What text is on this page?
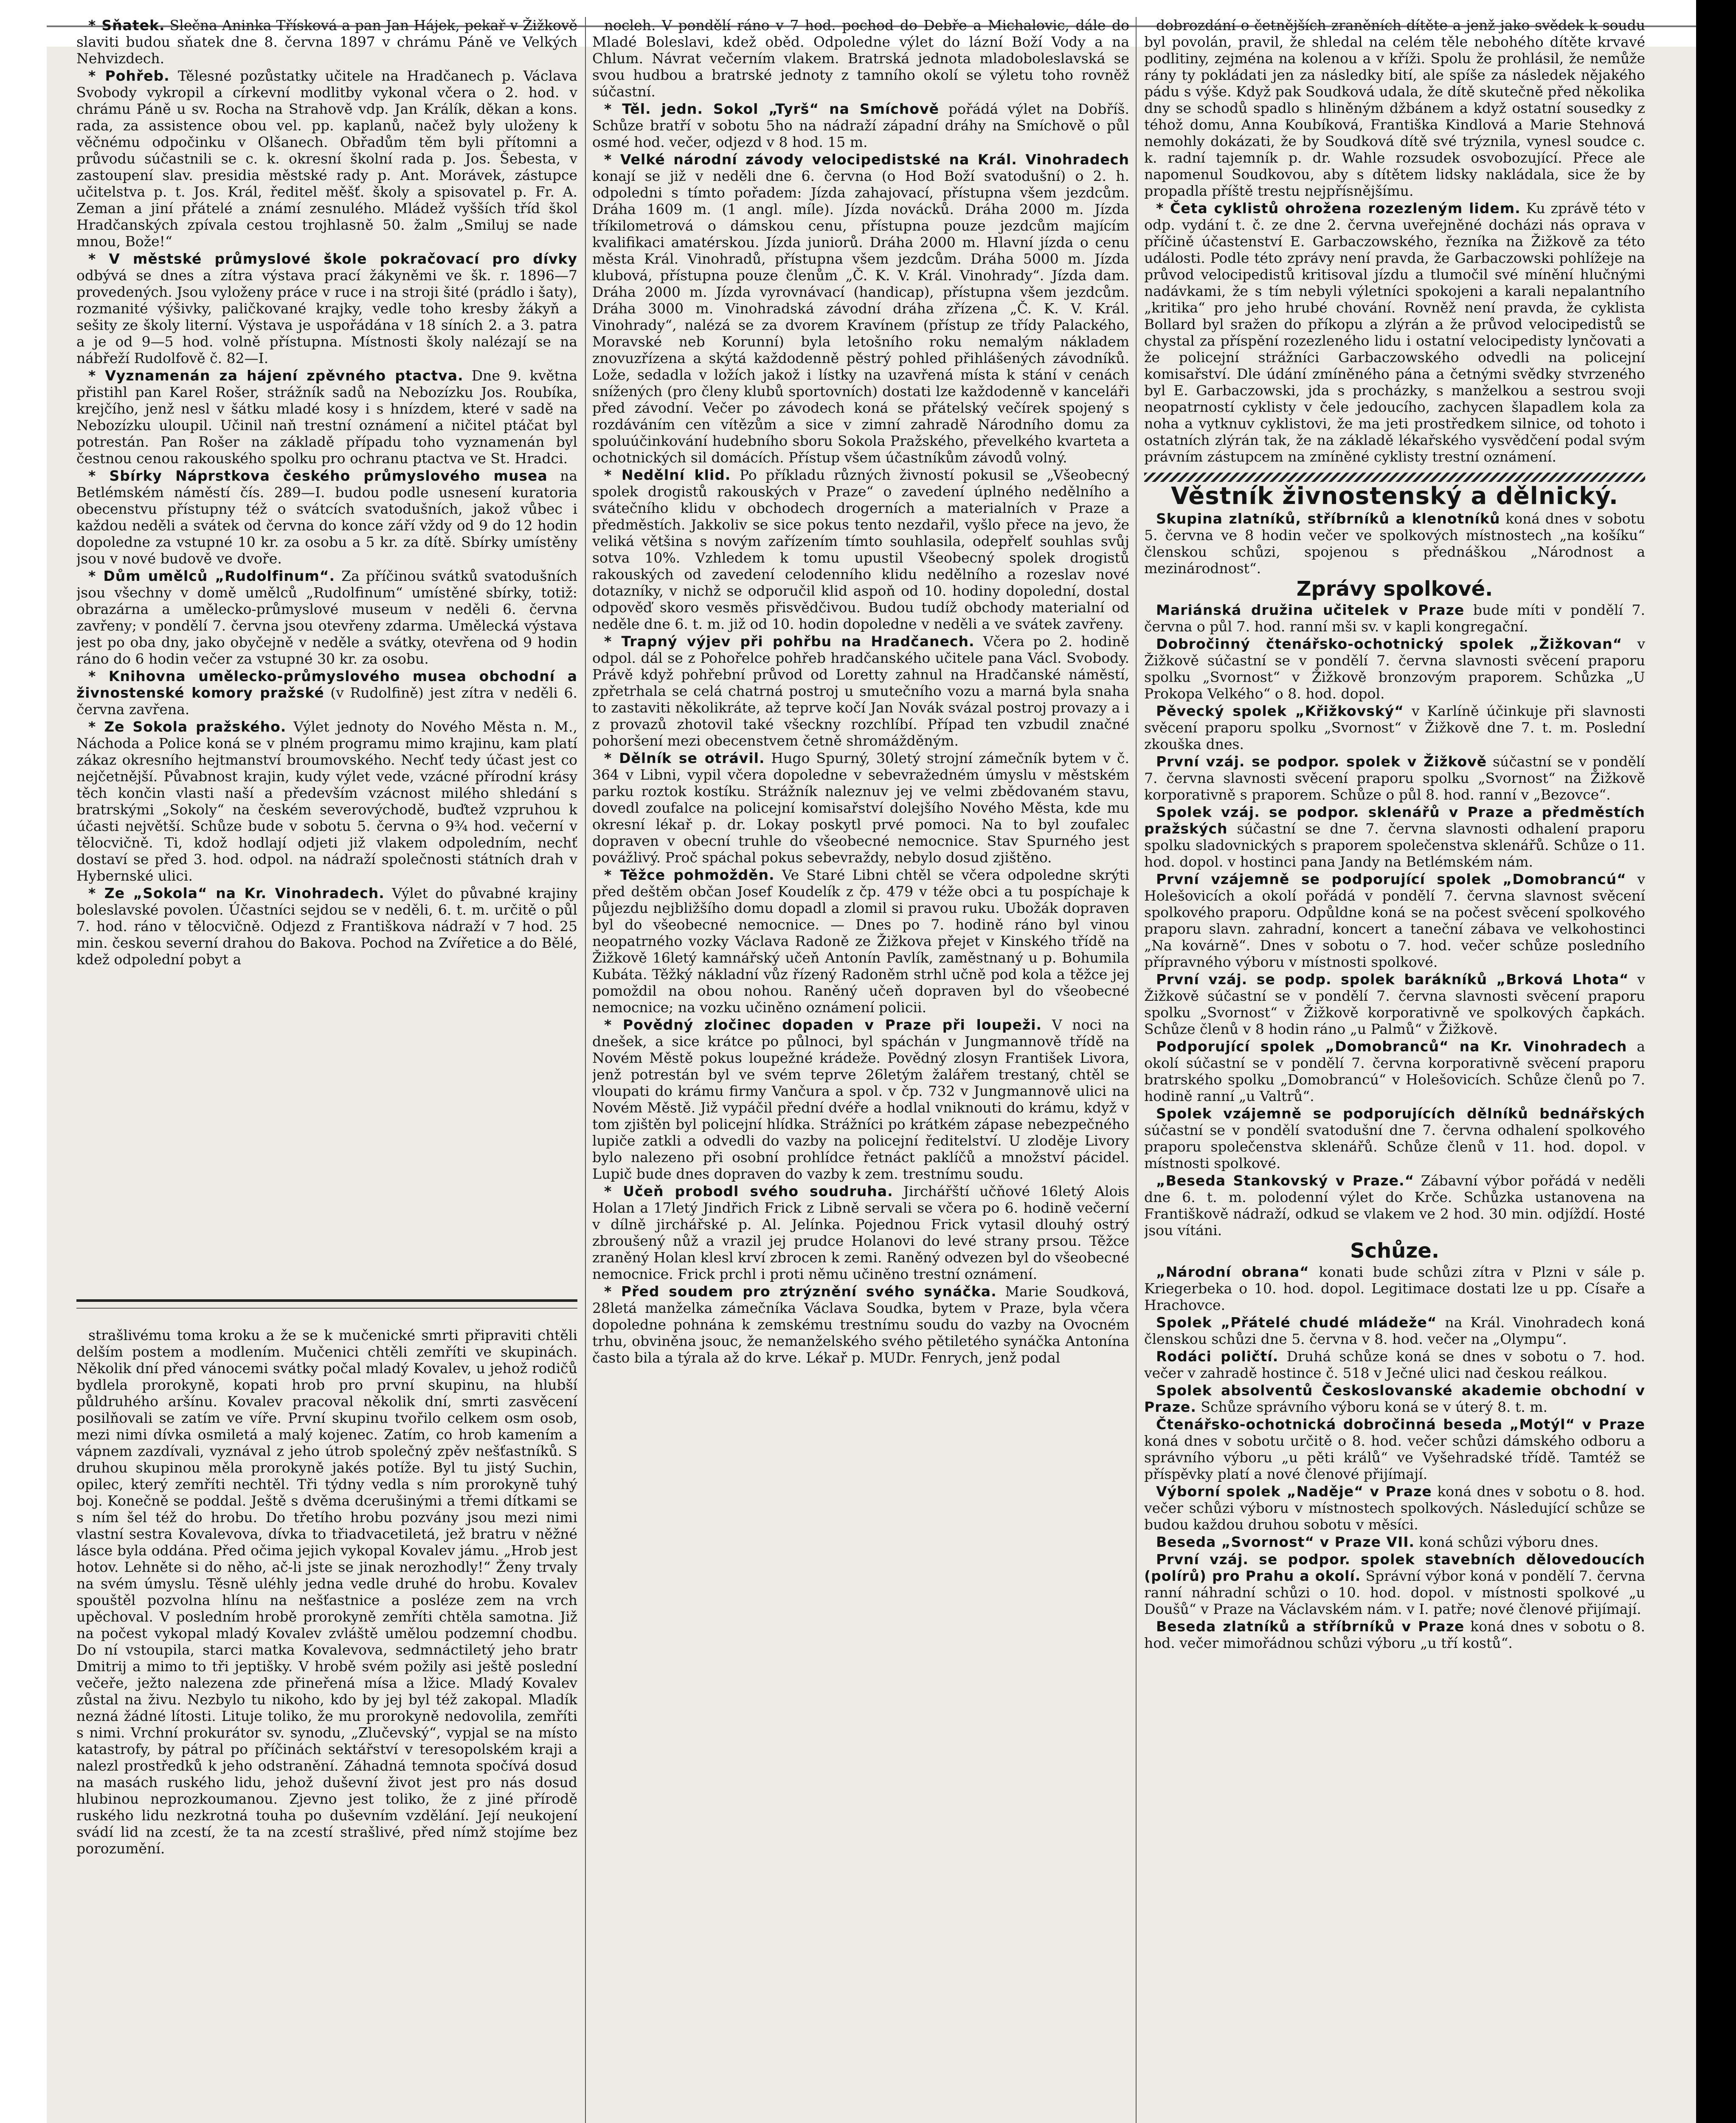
* Sňatek. Slečna Aninka Třísková a pan Jan Hájek, pekař v Žižkově slaviti budou sňatek dne 8. června 1897 v chrámu Páně ve Velkých Nehvizdech.

* Pohřeb. Tělesné pozůstatky učitele na Hradčanech p. Václava Svobody vykropil a církevní modlitby vykonal včera o 2. hod. v chrámu Páně u sv. Rocha na Strahově vdp. Jan Králík, děkan a kons. rada, za assistence obou vel. pp. kaplanů, načež byly uloženy k věčnému odpočinku v Olšanech. Obřadům těm byli přítomni a průvodu súčastnili se c. k. okresní školní rada p. Jos. Šebesta, v zastoupení slav. presidia městské rady p. Ant. Morávek, zástupce učitelstva p. t. Jos. Král, ředitel měšť. školy a spisovatel p. Fr. A. Zeman a jiní přátelé a známí zesnulého. Mládež vyšších tříd škol Hradčanských zpívala cestou trojhlasně 50. žalm „Smiluj se nade mnou, Bože!“

* V městské průmyslové škole pokračovací pro dívky odbývá se dnes a zítra výstava prací žákyněmi ve šk. r. 1896—7 provedených. Jsou vyloženy práce v ruce i na stroji šité (prádlo i šaty), rozmanité výšivky, paličkované krajky, vedle toho kresby žákyň a sešity ze školy literní. Výstava je uspořádána v 18 síních 2. a 3. patra a je od 9—5 hod. volně přístupna. Místnosti školy nalézají se na nábřeží Rudolfově č. 82—I.

* Vyznamenán za hájení zpěvného ptactva. Dne 9. května přistihl pan Karel Rošer, strážník sadů na Nebozízku Jos. Roubíka, krejčího, jenž nesl v šátku mladé kosy i s hnízdem, které v sadě na Nebozízku uloupil. Učinil naň trestní oznámení a ničitel ptáčat byl potrestán. Pan Rošer na základě případu toho vyznamenán byl čestnou cenou rakouského spolku pro ochranu ptactva ve St. Hradci.

* Sbírky Náprstkova českého průmyslového musea na Betlémském náměstí čís. 289—I. budou podle usnesení kuratoria obecenstvu přístupny též o svátcích svatodušních, jakož vůbec i každou neděli a svátek od června do konce září vždy od 9 do 12 hodin dopoledne za vstupné 10 kr. za osobu a 5 kr. za dítě. Sbírky umístěny jsou v nové budově ve dvoře.

* Dům umělců „Rudolfinum“. Za příčinou svátků svatodušních jsou všechny v domě umělců „Rudolfinum“ umístěné sbírky, totiž: obrazárna a umělecko-průmyslové museum v neděli 6. června zavřeny; v pondělí 7. června jsou otevřeny zdarma. Umělecká výstava jest po oba dny, jako obyčejně v neděle a svátky, otevřena od 9 hodin ráno do 6 hodin večer za vstupné 30 kr. za osobu.

* Knihovna umělecko-průmyslového musea obchodní a živnostenské komory pražské (v Rudolfině) jest zítra v neděli 6. června zavřena.

* Ze Sokola pražského. Výlet jednoty do Nového Města n. M., Náchoda a Police koná se v plném programu mimo krajinu, kam platí zákaz okresního hejtmanství broumovského. Nechť tedy účast jest co nejčetnější. Půvabnost krajin, kudy výlet vede, vzácné přírodní krásy těch končin vlasti naší a především vzácnost milého shledání s bratrskými „Sokoly“ na českém severovýchodě, buďtež vzpruhou k účasti největší. Schůze bude v sobotu 5. června o 9¾ hod. večerní v tělocvičně. Ti, kdož hodlají odjeti již vlakem odpoledním, nechť dostaví se před 3. hod. odpol. na nádraží společnosti státních drah v Hybernské ulici.

* Ze „Sokola“ na Kr. Vinohradech. Výlet do půvabné krajiny boleslavské povolen. Účastníci sejdou se v neděli, 6. t. m. určitě o půl 7. hod. ráno v tělocvičně. Odjezd z Františkova nádraží v 7 hod. 25 min. českou severní drahou do Bakova. Pochod na Zvířetice a do Bělé, kdež odpolední pobyt a

strašlivému toma kroku a že se k mučenické smrti připraviti chtěli delším postem a modlením. Mučenici chtěli zemříti ve skupinách. Několik dní před vánocemi svátky počal mladý Kovalev, u jehož rodičů bydlela prorokyně, kopati hrob pro první skupinu, na hlubší půldruhého aršínu. Kovalev pracoval několik dní, smrti zasvěcení posilňovali se zatím ve víře. První skupinu tvořilo celkem osm osob, mezi nimi dívka osmiletá a malý kojenec. Zatím, co hrob kamením a vápnem zazdívali, vyznával z jeho útrob společný zpěv nešťastníků. S druhou skupinou měla prorokyně jakés potíže. Byl tu jistý Suchin, opilec, který zemříti nechtěl. Tři týdny vedla s ním prorokyně tuhý boj. Konečně se poddal. Ještě s dvěma dcerušinými a třemi dítkami se s ním šel též do hrobu. Do třetího hrobu pozvány jsou mezi nimi vlastní sestra Kovalevova, dívka to třiadvacetiletá, jež bratru v něžné lásce byla oddána. Před očima jejich vykopal Kovalev jámu. „Hrob jest hotov. Lehněte si do něho, ač-li jste se jinak nerozhodly!“ Ženy trvaly na svém úmyslu. Těsně uléhly jedna vedle druhé do hrobu. Kovalev spouštěl pozvolna hlínu na nešťastnice a posléze zem na vrch upěchoval. V posledním hrobě prorokyně zemříti chtěla samotna. Již na počest vykopal mladý Kovalev zvláště umělou podzemní chodbu. Do ní vstoupila, starci matka Kovalevova, sedmnáctiletý jeho bratr Dmitrij a mimo to tři jeptišky. V hrobě svém požily asi ještě poslední večeře, ježto nalezena zde přineřená mísa a lžice. Mladý Kovalev zůstal na živu. Nezbylo tu nikoho, kdo by jej byl též zakopal. Mladík nezná žádné lítosti. Lituje toliko, že mu prorokyně nedovolila, zemříti s nimi. Vrchní prokurátor sv. synodu, „Zlučevský“, vypjal se na místo katastrofy, by pátral po příčinách sektářství v teresopolském kraji a nalezl prostředků k jeho odstranění. Záhadná temnota spočívá dosud na masách ruského lidu, jehož duševní život jest pro nás dosud hlubinou neprozkoumanou. Zjevno jest toliko, že z jiné přírodě ruského lidu nezkrotná touha po duševním vzdělání. Její neukojení svádí lid na zcestí, že ta na zcestí strašlivé, před nímž stojíme bez porozumění.

nocleh. V pondělí ráno v 7 hod. pochod do Debře a Michalovic, dále do Mladé Boleslavi, kdež oběd. Odpoledne výlet do lázní Boží Vody a na Chlum. Návrat večerním vlakem. Bratrská jednota mladoboleslavská se svou hudbou a bratrské jednoty z tamního okolí se výletu toho rovněž súčastní.

* Těl. jedn. Sokol „Tyrš“ na Smíchově pořádá výlet na Dobříš. Schůze bratří v sobotu 5ho na nádraží západní dráhy na Smíchově o půl osmé hod. večer, odjezd v 8 hod. 15 m.

* Velké národní závody velocipedistské na Král. Vinohradech konají se již v neděli dne 6. června (o Hod Boží svatodušní) o 2. h. odpoledni s tímto pořadem: Jízda zahajovací, přístupna všem jezdcům. Dráha 1609 m. (1 angl. míle). Jízda novácků. Dráha 2000 m. Jízda tříkilometrová o dámskou cenu, přístupna pouze jezdcům majícím kvalifikaci amatérskou. Jízda juniorů. Dráha 2000 m. Hlavní jízda o cenu města Král. Vinohradů, přístupna všem jezdcům. Dráha 5000 m. Jízda klubová, přístupna pouze členům „Č. K. V. Král. Vinohrady“. Jízda dam. Dráha 2000 m. Jízda vyrovnávací (handicap), přístupna všem jezdcům. Dráha 3000 m. Vinohradská závodní dráha zřízena „Č. K. V. Král. Vinohrady“, nalézá se za dvorem Kravínem (přístup ze třídy Palackého, Moravské neb Korunní) byla letošního roku nemalým nákladem znovuzřízena a skýtá každodenně pěstrý pohled přihlášených závodníků. Lože, sedadla v ložích jakož i lístky na uzavřená místa k stání v cenách snížených (pro členy klubů sportovních) dostati lze každodenně v kanceláři před závodní. Večer po závodech koná se přátelský večírek spojený s rozdáváním cen vítězům a sice v zimní zahradě Národního domu za spoluúčinkování hudebního sboru Sokola Pražského, převelkého kvarteta a ochotnických sil domácích. Přístup všem účastníkům závodů volný.

* Nedělní klid. Po příkladu různých živností pokusil se „Všeobecný spolek drogistů rakouských v Praze“ o zavedení úplného nedělního a svátečního klidu v obchodech drogerních a materialních v Praze a předměstích. Jakkoliv se sice pokus tento nezdařil, vyšlo přece na jevo, že veliká většina s novým zařízením tímto souhlasila, odepřelť souhlas svůj sotva 10%. Vzhledem k tomu upustil Všeobecný spolek drogistů rakouských od zavedení celodenního klidu nedělního a rozeslav nové dotazníky, v nichž se odporučil klid aspoň od 10. hodiny dopolední, dostal odpověď skoro vesměs přisvědčivou. Budou tudíž obchody materialní od neděle dne 6. t. m. již od 10. hodin dopoledne v neděli a ve svátek zavřeny.

* Trapný výjev při pohřbu na Hradčanech. Včera po 2. hodině odpol. dál se z Pohořelce pohřeb hradčanského učitele pana Václ. Svobody. Právě když pohřební průvod od Loretty zahnul na Hradčanské náměstí, zpřetrhala se celá chatrná postroj u smutečního vozu a marná byla snaha to zastaviti několikráte, až teprve kočí Jan Novák svázal postroj provazy a i z provazů zhotovil také všeckny rozchlíbí. Případ ten vzbudil značné pohoršení mezi obecenstvem četně shromážděným.

* Dělník se otrávil. Hugo Spurný, 30letý strojní zámečník bytem v č. 364 v Libni, vypil včera dopoledne v sebevražedném úmyslu v městském parku roztok kostíku. Strážník naleznuv jej ve velmi zbědovaném stavu, dovedl zoufalce na policejní komisařství dolejšího Nového Města, kde mu okresní lékař p. dr. Lokay poskytl prvé pomoci. Na to byl zoufalec dopraven v obecní truhle do všeobecné nemocnice. Stav Spurného jest povážlivý. Proč spáchal pokus sebevraždy, nebylo dosud zjištěno.

* Těžce pohmožděn. Ve Staré Libni chtěl se včera odpoledne skrýti před deštěm občan Josef Koudelík z čp. 479 v téže obci a tu pospíchaje k půjezdu nejbližšího domu dopadl a zlomil si pravou ruku. Ubožák dopraven byl do všeobecné nemocnice. — Dnes po 7. hodině ráno byl vinou neopatrného vozky Václava Radoně ze Žižkova přejet v Kinského třídě na Žižkově 16letý kamnářský učeň Antonín Pavlík, zaměstnaný u p. Bohumila Kubáta. Těžký nákladní vůz řízený Radoněm strhl učně pod kola a těžce jej pomoždil na obou nohou. Raněný učeň dopraven byl do všeobecné nemocnice; na vozku učiněno oznámení policii.

* Povědný zločinec dopaden v Praze při loupeži. V noci na dnešek, a sice krátce po půlnoci, byl spáchán v Jungmannově třídě na Novém Městě pokus loupežné krádeže. Povědný zlosyn František Livora, jenž potrestán byl ve svém teprve 26letým žalářem trestaný, chtěl se vloupati do krámu firmy Vančura a spol. v čp. 732 v Jungmannově ulici na Novém Městě. Již vypáčil přední dvéře a hodlal vniknouti do krámu, když v tom zjištěn byl policejní hlídka. Strážníci po krátkém zápase nebezpečného lupiče zatkli a odvedli do vazby na policejní ředitelství. U zloděje Livory bylo nalezeno při osobní prohlídce řetnáct paklíčů a množství pácidel. Lupič bude dnes dopraven do vazby k zem. trestnímu soudu.

* Učeň probodl svého soudruha. Jirchářští učňové 16letý Alois Holan a 17letý Jindřich Frick z Libně servali se včera po 6. hodině večerní v dílně jirchářské p. Al. Jelínka. Pojednou Frick vytasil dlouhý ostrý zbroušený nůž a vrazil jej prudce Holanovi do levé strany prsou. Těžce zraněný Holan klesl krví zbrocen k zemi. Raněný odvezen byl do všeobecné nemocnice. Frick prchl i proti němu učiněno trestní oznámení.

* Před soudem pro ztrýznění svého synáčka. Marie Soudková, 28letá manželka zámečníka Václava Soudka, bytem v Praze, byla včera dopoledne pohnána k zemskému trestnímu soudu do vazby na Ovocném trhu, obviněna jsouc, že nemanželského svého pětiletého synáčka Antonína často bila a týrala až do krve. Lékař p. MUDr. Fenrych, jenž podal

dobrozdání o četnějších zraněních dítěte a jenž jako svědek k soudu byl povolán, pravil, že shledal na celém těle nebohého dítěte krvavé podlitiny, zejména na kolenou a v kříži. Spolu že prohlásil, že nemůže rány ty pokládati jen za následky bití, ale spíše za následek nějakého pádu s výše. Když pak Soudková udala, že dítě skutečně před několika dny se schodů spadlo s hliněným džbánem a když ostatní sousedky z téhož domu, Anna Koubíková, Františka Kindlová a Marie Stehnová nemohly dokázati, že by Soudková dítě své trýznila, vynesl soudce c. k. radní tajemník p. dr. Wahle rozsudek osvobozující. Přece ale napomenul Soudkovou, aby s dítětem lidsky nakládala, sice že by propadla příště trestu nejpřísnějšímu.

* Četa cyklistů ohrožena rozezleným lidem. Ku zprávě této v odp. vydání t. č. ze dne 2. června uveřejněné docházi nás oprava v příčině účastenství E. Garbaczowského, řezníka na Žižkově za této události. Podle této zprávy není pravda, že Garbaczowski pohlížeje na průvod velocipedistů kritisoval jízdu a tlumočil své mínění hlučnými nadávkami, že s tím nebyli výletníci spokojeni a karali nepalantního „kritika“ pro jeho hrubé chování. Rovněž není pravda, že cyklista Bollard byl sražen do příkopu a zlýrán a že průvod velocipedistů se chystal za příspění rozezleného lidu i ostatní velocipedisty lynčovati a že policejní strážníci Garbaczowského odvedli na policejní komisařství. Dle údání zmíněného pána a četnými svědky stvrzeného byl E. Garbaczowski, jda s procházky, s manželkou a sestrou svoji neopatrností cyklisty v čele jedoucího, zachycen šlapadlem kola za noha a vytknuv cyklistovi, že ma jeti prostředkem silnice, od tohoto i ostatních zlýrán tak, že na základě lékařského vysvědčení podal svým právním zástupcem na zmíněné cyklisty trestní oznámení.

Věstník živnostenský a dělnický.

Skupina zlatníků, stříbrníků a klenotníků koná dnes v sobotu 5. června ve 8 hodin večer ve spolkových místnostech „na košíku“ členskou schůzi, spojenou s přednáškou „Národnost a mezinárodnost“.

Zprávy spolkové.

Mariánská družina učitelek v Praze bude míti v pondělí 7. června o půl 7. hod. ranní mši sv. v kapli kongregační.

Dobročinný čtenářsko-ochotnický spolek „Žižkovan“ v Žižkově súčastní se v pondělí 7. června slavnosti svěcení praporu spolku „Svornost“ v Žižkově bronzovým praporem. Schůzka „U Prokopa Velkého“ o 8. hod. dopol.

Pěvecký spolek „Křižkovský“ v Karlíně účinkuje při slavnosti svěcení praporu spolku „Svornost“ v Žižkově dne 7. t. m. Poslední zkouška dnes.

První vzáj. se podpor. spolek v Žižkově súčastní se v pondělí 7. června slavnosti svěcení praporu spolku „Svornost“ na Žižkově korporativně s praporem. Schůze o půl 8. hod. ranní v „Bezovce“.

Spolek vzáj. se podpor. sklenářů v Praze a předměstích pražských súčastní se dne 7. června slavnosti odhalení praporu spolku sladovnických s praporem společenstva sklenářů. Schůze o 11. hod. dopol. v hostinci pana Jandy na Betlémském nám.

První vzájemně se podporující spolek „Domobrancú“ v Holešovicích a okolí pořádá v pondělí 7. června slavnost svěcení spolkového praporu. Odpůldne koná se na počest svěcení spolkového praporu slavn. zahradní, koncert a taneční zábava ve velkohostinci „Na kovárně“. Dnes v sobotu o 7. hod. večer schůze posledního přípravného výboru v místnosti spolkové.

První vzáj. se podp. spolek barákníků „Brková Lhota“ v Žižkově súčastní se v pondělí 7. června slavnosti svěcení praporu spolku „Svornost“ v Žižkově korporativně ve spolkových čapkách. Schůze členů v 8 hodin ráno „u Palmů“ v Žižkově.

Podporující spolek „Domobranců“ na Kr. Vinohradech a okolí súčastní se v pondělí 7. června korporativně svěcení praporu bratrského spolku „Domobrancú“ v Holešovicích. Schůze členů po 7. hodině ranní „u Valtrů“.

Spolek vzájemně se podporujících dělníků bednářských súčastní se v pondělí svatodušní dne 7. června odhalení spolkového praporu společenstva sklenářů. Schůze členů v 11. hod. dopol. v místnosti spolkové.

„Beseda Stankovský v Praze.“ Zábavní výbor pořádá v neděli dne 6. t. m. polodenní výlet do Krče. Schůzka ustanovena na Františkově nádraží, odkud se vlakem ve 2 hod. 30 min. odjíždí. Hosté jsou vítáni.

Schůze.

„Národní obrana“ konati bude schůzi zítra v Plzni v sále p. Kriegerbeka o 10. hod. dopol. Legitimace dostati lze u pp. Císaře a Hrachovce.

Spolek „Přátelé chudé mládeže“ na Král. Vinohradech koná členskou schůzi dne 5. června v 8. hod. večer na „Olympu“.

Rodáci poličtí. Druhá schůze koná se dnes v sobotu o 7. hod. večer v zahradě hostince č. 518 v Ječné ulici nad českou reálkou.

Spolek absolventů Českoslovanské akademie obchodní v Praze. Schůze správního výboru koná se v úterý 8. t. m.

Čtenářsko-ochotnická dobročinná beseda „Motýl“ v Praze koná dnes v sobotu určitě o 8. hod. večer schůzi dámského odboru a správního výboru „u pěti králů“ ve Vyšehradské třídě. Tamtéž se příspěvky platí a nové členové přijímají.

Výborní spolek „Naděje“ v Praze koná dnes v sobotu o 8. hod. večer schůzi výboru v místnostech spolkových. Následující schůze se budou každou druhou sobotu v měsíci.

Beseda „Svornost“ v Praze VII. koná schůzi výboru dnes.

První vzáj. se podpor. spolek stavebních dělovedoucích (polírů) pro Prahu a okolí. Správní výbor koná v pondělí 7. června ranní náhradní schůzi o 10. hod. dopol. v místnosti spolkové „u Doušů“ v Praze na Václavském nám. v I. patře; nové členové přijímají.

Beseda zlatníků a stříbrníků v Praze koná dnes v sobotu o 8. hod. večer mimořádnou schůzi výboru „u tří kostů“.
